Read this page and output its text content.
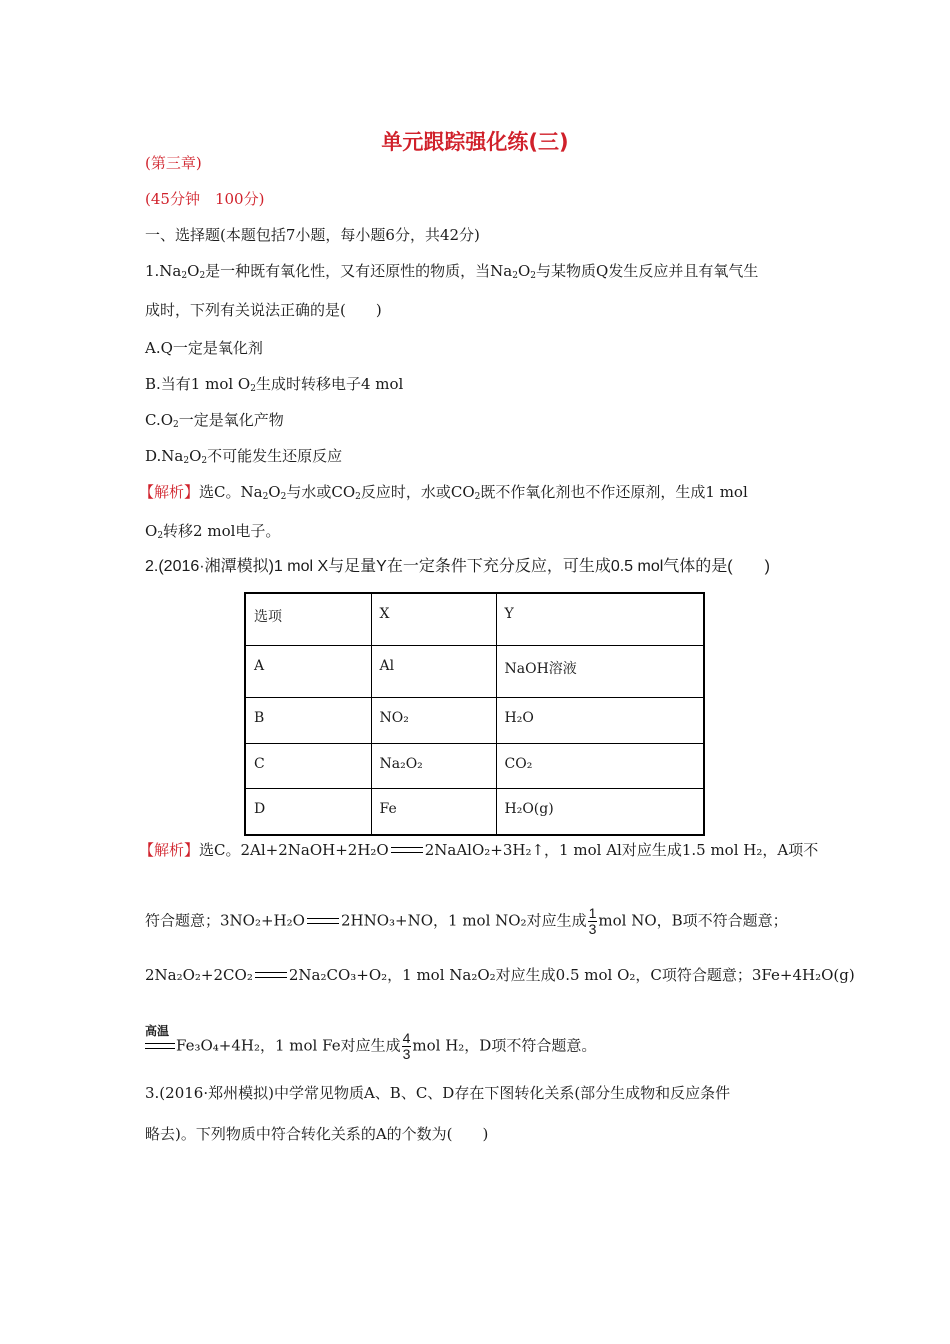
单元跟踪强化练(三)
(第三章)
(45分钟　100分)
一、选择题(本题包括7小题，每小题6分，共42分)
$1.Na_2O_2$是一种既有氧化性，又有还原性的物质，当$Na_2O_2$与某物质Q发生反应并且有氧气生
成时，下列有关说法正确的是(　　)
A.Q一定是氧化剂
B.当有1 mol $O_2$生成时转移电子4 mol
$C.O_2$一定是氧化产物
$D.Na_2O_2$不可能发生还原反应
【解析】选C。$Na_2O_2$与水或$CO_2$反应时，水或$CO_2$既不作氧化剂也不作还原剂，生成1 mol
$O_2$转移2 mol电子。
2.(2016·湘潭模拟)1 mol X与足量Y在一定条件下充分反应，可生成0.5 mol气体的是(　　)
选项	X	Y
A	Al	NaOH溶液
B	NO₂	H₂O
C	Na₂O₂	CO₂
D	Fe	H₂O(g)
【解析】选C。2Al+2NaOH+2H₂O 2NaAlO₂+3H₂↑，1 mol Al对应生成1.5 mol H₂，A项不
符合题意；3NO₂+H₂O 2HNO₃+NO，1 mol NO₂对应生成 $\frac{1}{3}$ mol NO，B项不符合题意；
2Na₂O₂+2CO₂ 2Na₂CO₃+O₂，1 mol Na₂O₂对应生成0.5 mol O₂，C项符合题意；3Fe+4H₂O(g)
高温
Fe₃O₄+4H₂，1 mol Fe对应生成 $\frac{4}{3}$ mol H₂，D项不符合题意。
3.(2016·郑州模拟)中学常见物质A、B、C、D存在下图转化关系(部分生成物和反应条件
略去)。下列物质中符合转化关系的A的个数为(　　)
